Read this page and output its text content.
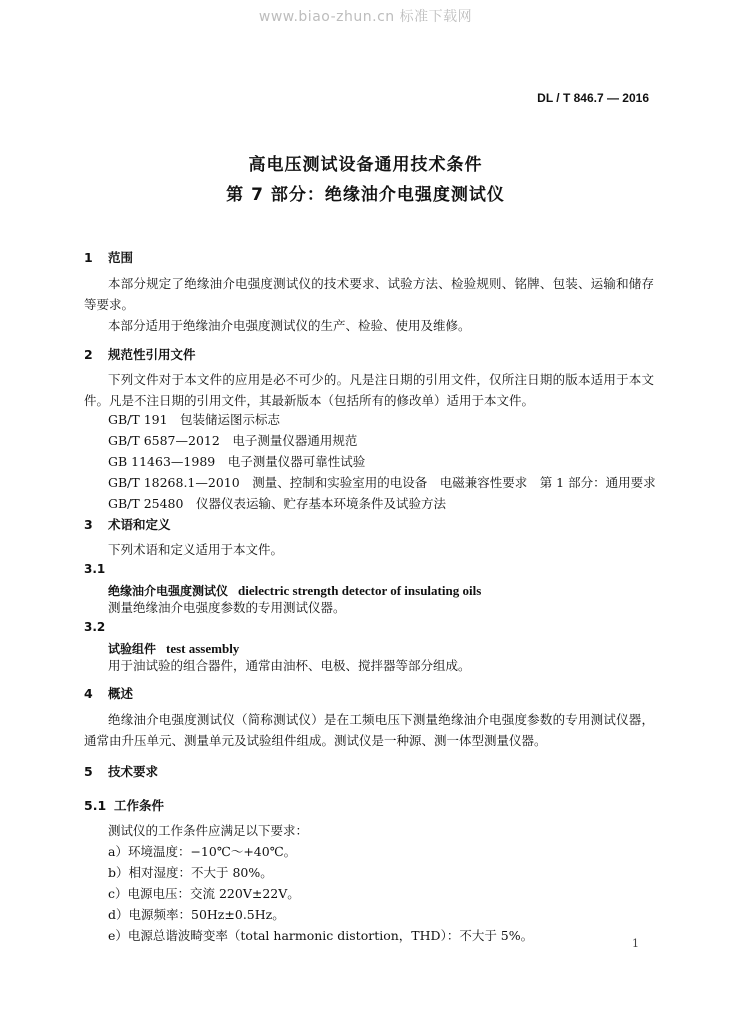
www.biao-zhun.cn 标准下载网
DL / T 846.7 — 2016
高电压测试设备通用技术条件
第 7 部分：绝缘油介电强度测试仪
1 范围
本部分规定了绝缘油介电强度测试仪的技术要求、试验方法、检验规则、铭牌、包装、运输和储存等要求。
本部分适用于绝缘油介电强度测试仪的生产、检验、使用及维修。
2 规范性引用文件
下列文件对于本文件的应用是必不可少的。凡是注日期的引用文件，仅所注日期的版本适用于本文件。凡是不注日期的引用文件，其最新版本（包括所有的修改单）适用于本文件。
GB/T 191　包装储运图示标志
GB/T 6587—2012　电子测量仪器通用规范
GB 11463—1989　电子测量仪器可靠性试验
GB/T 18268.1—2010　测量、控制和实验室用的电设备　电磁兼容性要求　第 1 部分：通用要求
GB/T 25480　仪器仪表运输、贮存基本环境条件及试验方法
3 术语和定义
下列术语和定义适用于本文件。
3.1
绝缘油介电强度测试仪 dielectric strength detector of insulating oils
测量绝缘油介电强度参数的专用测试仪器。
3.2
试验组件 test assembly
用于油试验的组合器件，通常由油杯、电极、搅拌器等部分组成。
4 概述
绝缘油介电强度测试仪（简称测试仪）是在工频电压下测量绝缘油介电强度参数的专用测试仪器，通常由升压单元、测量单元及试验组件组成。测试仪是一种源、测一体型测量仪器。
5 技术要求
5.1 工作条件
测试仪的工作条件应满足以下要求：
a）环境温度：−10℃～+40℃。
b）相对湿度：不大于 80%。
c）电源电压：交流 220V±22V。
d）电源频率：50Hz±0.5Hz。
e）电源总谐波畸变率（total harmonic distortion，THD）：不大于 5%。
1
